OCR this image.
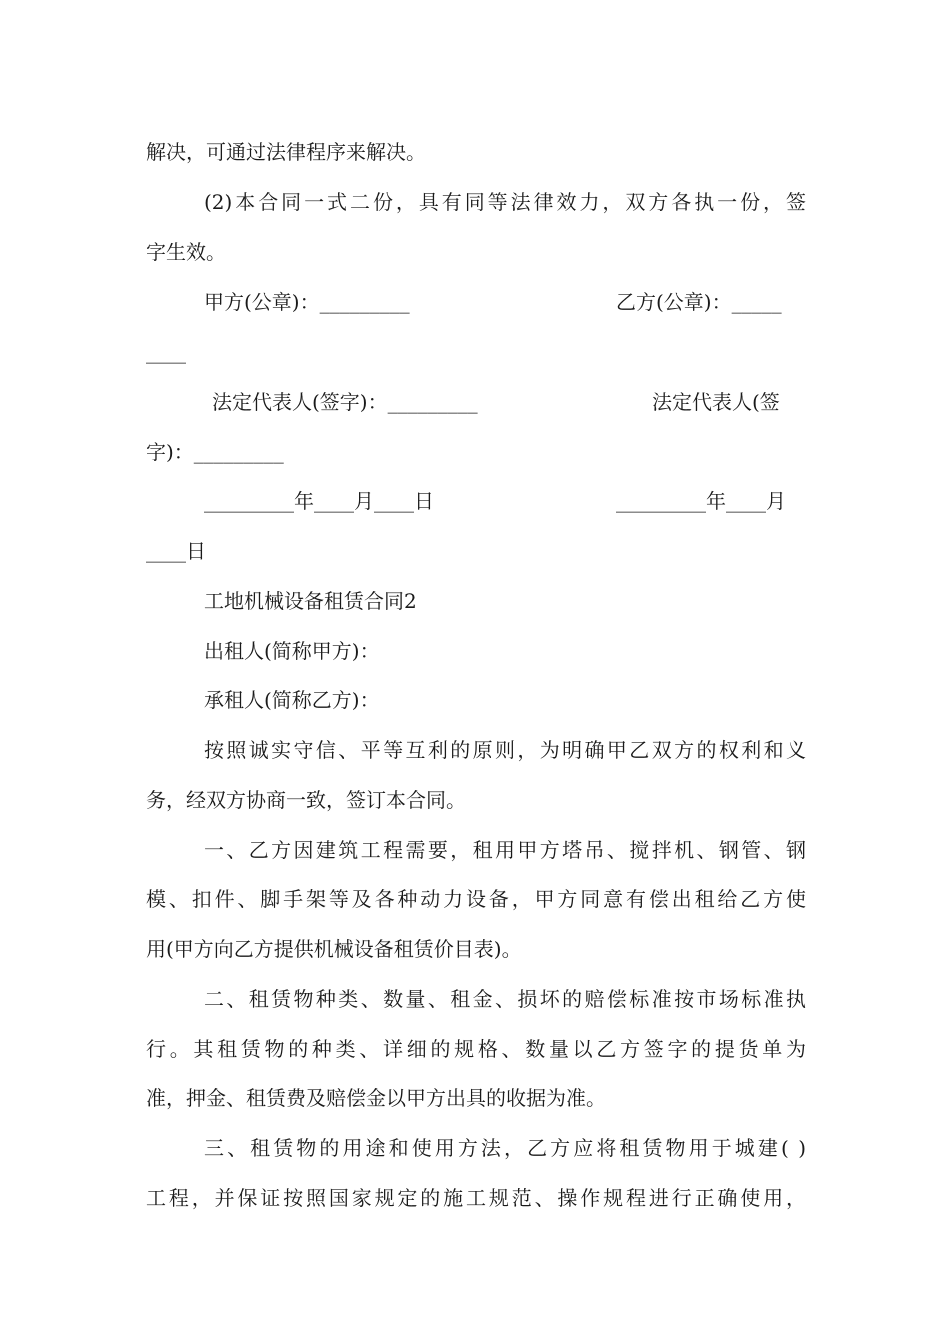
解决，可通过法律程序来解决。

(2)本合同一式二份，具有同等法律效力，双方各执一份，签

字生效。

甲方(公章)：_________	乙方(公章)：_____

____

法定代表人(签字)：_________	法定代表人(签

字)：_________

_________年____月____日	_________年____月

____日

工地机械设备租赁合同2

出租人(简称甲方)：

承租人(简称乙方)：

按照诚实守信、平等互利的原则，为明确甲乙双方的权利和义

务，经双方协商一致，签订本合同。

一、乙方因建筑工程需要，租用甲方塔吊、搅拌机、钢管、钢

模、扣件、脚手架等及各种动力设备，甲方同意有偿出租给乙方使

用(甲方向乙方提供机械设备租赁价目表)。

二、租赁物种类、数量、租金、损坏的赔偿标准按市场标准执

行。其租赁物的种类、详细的规格、数量以乙方签字的提货单为

准，押金、租赁费及赔偿金以甲方出具的收据为准。

三、租赁物的用途和使用方法，乙方应将租赁物用于城建( )

工程，并保证按照国家规定的施工规范、操作规程进行正确使用，
